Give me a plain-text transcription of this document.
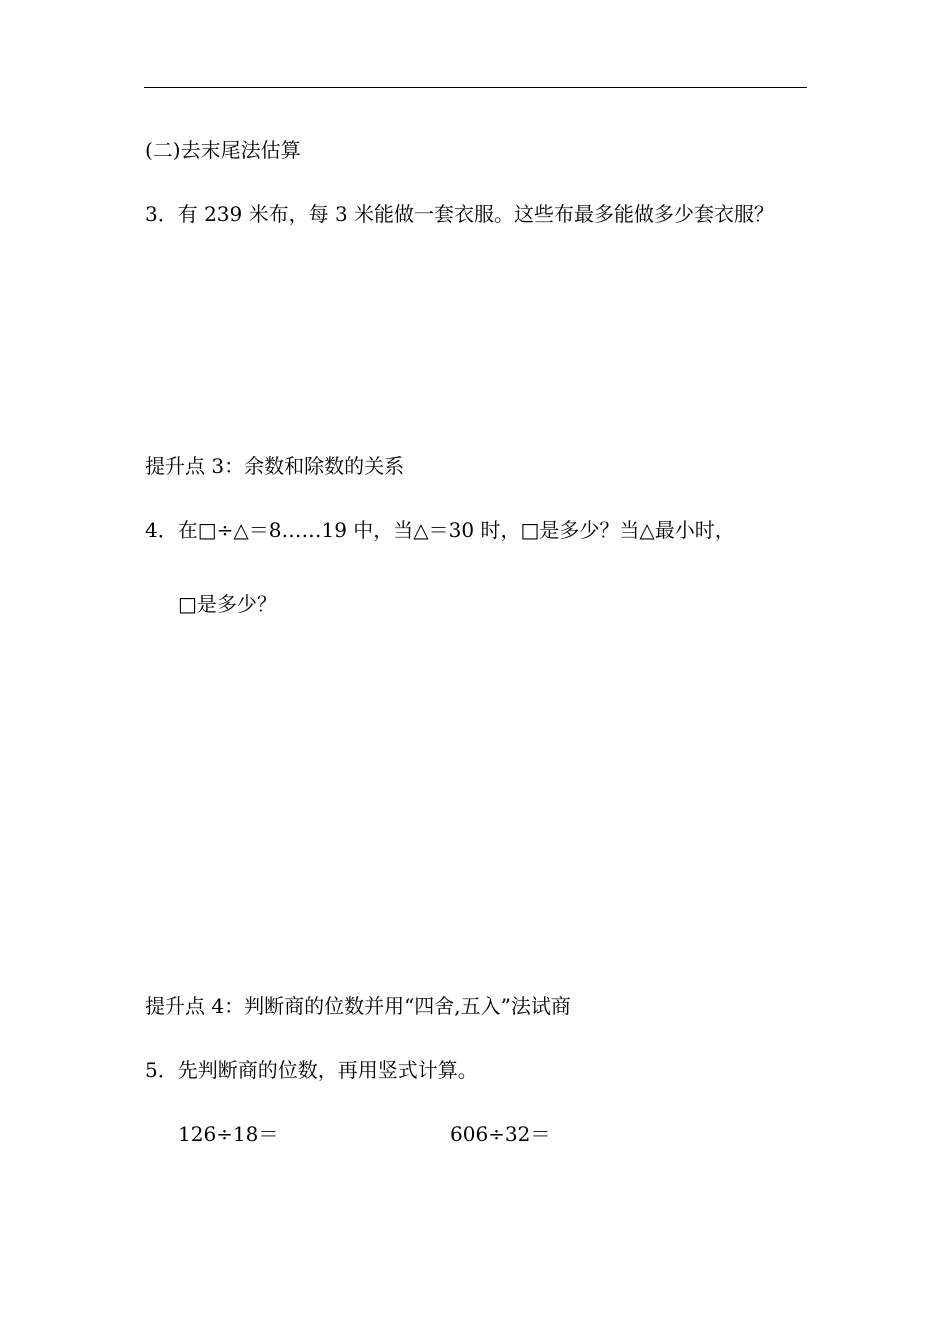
(二)去末尾法估算
3．有 239 米布，每 3 米能做一套衣服。这些布最多能做多少套衣服？
提升点 3：余数和除数的关系
4．在□÷△＝8……19 中，当△＝30 时，□是多少？当△最小时，
□是多少？
提升点 4：判断商的位数并用“四舍,五入”法试商
5．先判断商的位数，再用竖式计算。
126÷18＝	606÷32＝
